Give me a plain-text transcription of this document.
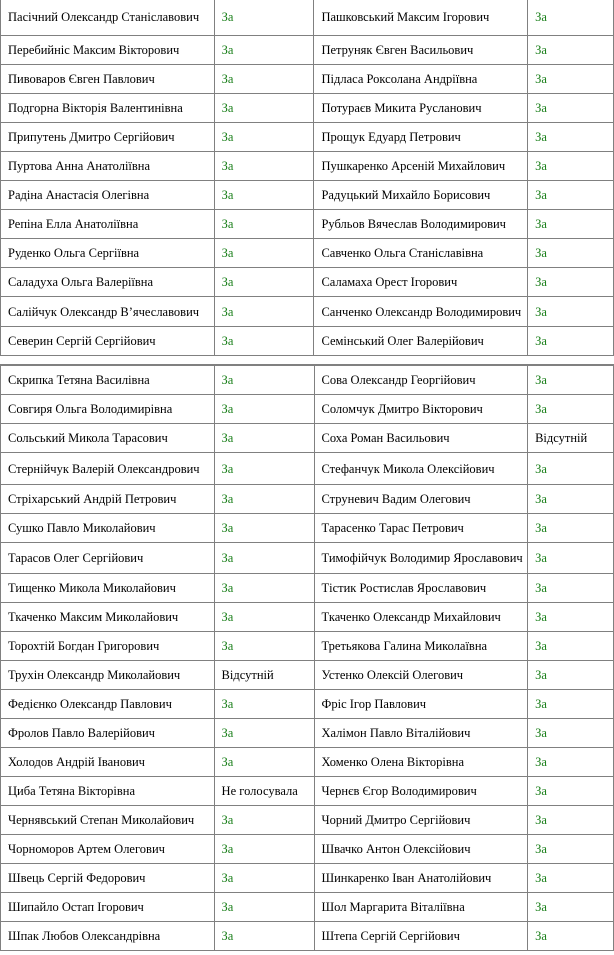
Пасічний Олександр Станіславович	За	Пашковський Максим Ігорович	За
Перебийніс Максим Вікторович	За	Петруняк Євген Васильович	За
Пивоваров Євген Павлович	За	Підласа Роксолана Андріївна	За
Подгорна Вікторія Валентинівна	За	Потураєв Микита Русланович	За
Припутень Дмитро Сергійович	За	Прощук Едуард Петрович	За
Пуртова Анна Анатоліївна	За	Пушкаренко Арсеній Михайлович	За
Радіна Анастасія Олегівна	За	Радуцький Михайло Борисович	За
Репіна Елла Анатоліївна	За	Рубльов Вячеслав Володимирович	За
Руденко Ольга Сергіївна	За	Савченко Ольга Станіславівна	За
Саладуха Ольга Валеріївна	За	Саламаха Орест Ігорович	За
Салійчук Олександр В’ячеславович	За	Санченко Олександр Володимирович	За
Северин Сергій Сергійович	За	Семінський Олег Валерійович	За
Скрипка Тетяна Василівна	За	Сова Олександр Георгійович	За
Совгиря Ольга Володимирівна	За	Соломчук Дмитро Вікторович	За
Сольський Микола Тарасович	За	Соха Роман Васильович	Відсутній
Стернійчук Валерій Олександрович	За	Стефанчук Микола Олексійович	За
Стріхарський Андрій Петрович	За	Струневич Вадим Олегович	За
Сушко Павло Миколайович	За	Тарасенко Тарас Петрович	За
Тарасов Олег Сергійович	За	Тимофійчук Володимир Ярославович	За
Тищенко Микола Миколайович	За	Тістик Ростислав Ярославович	За
Ткаченко Максим Миколайович	За	Ткаченко Олександр Михайлович	За
Торохтій Богдан Григорович	За	Третьякова Галина Миколаївна	За
Трухін Олександр Миколайович	Відсутній	Устенко Олексій Олегович	За
Федієнко Олександр Павлович	За	Фріс Ігор Павлович	За
Фролов Павло Валерійович	За	Халімон Павло Віталійович	За
Холодов Андрій Іванович	За	Хоменко Олена Вікторівна	За
Циба Тетяна Вікторівна	Не голосувала	Чернєв Єгор Володимирович	За
Чернявський Степан Миколайович	За	Чорний Дмитро Сергійович	За
Чорноморов Артем Олегович	За	Швачко Антон Олексійович	За
Швець Сергій Федорович	За	Шинкаренко Іван Анатолійович	За
Шипайло Остап Ігорович	За	Шол Маргарита Віталіївна	За
Шпак Любов Олександрівна	За	Штепа Сергій Сергійович	За
